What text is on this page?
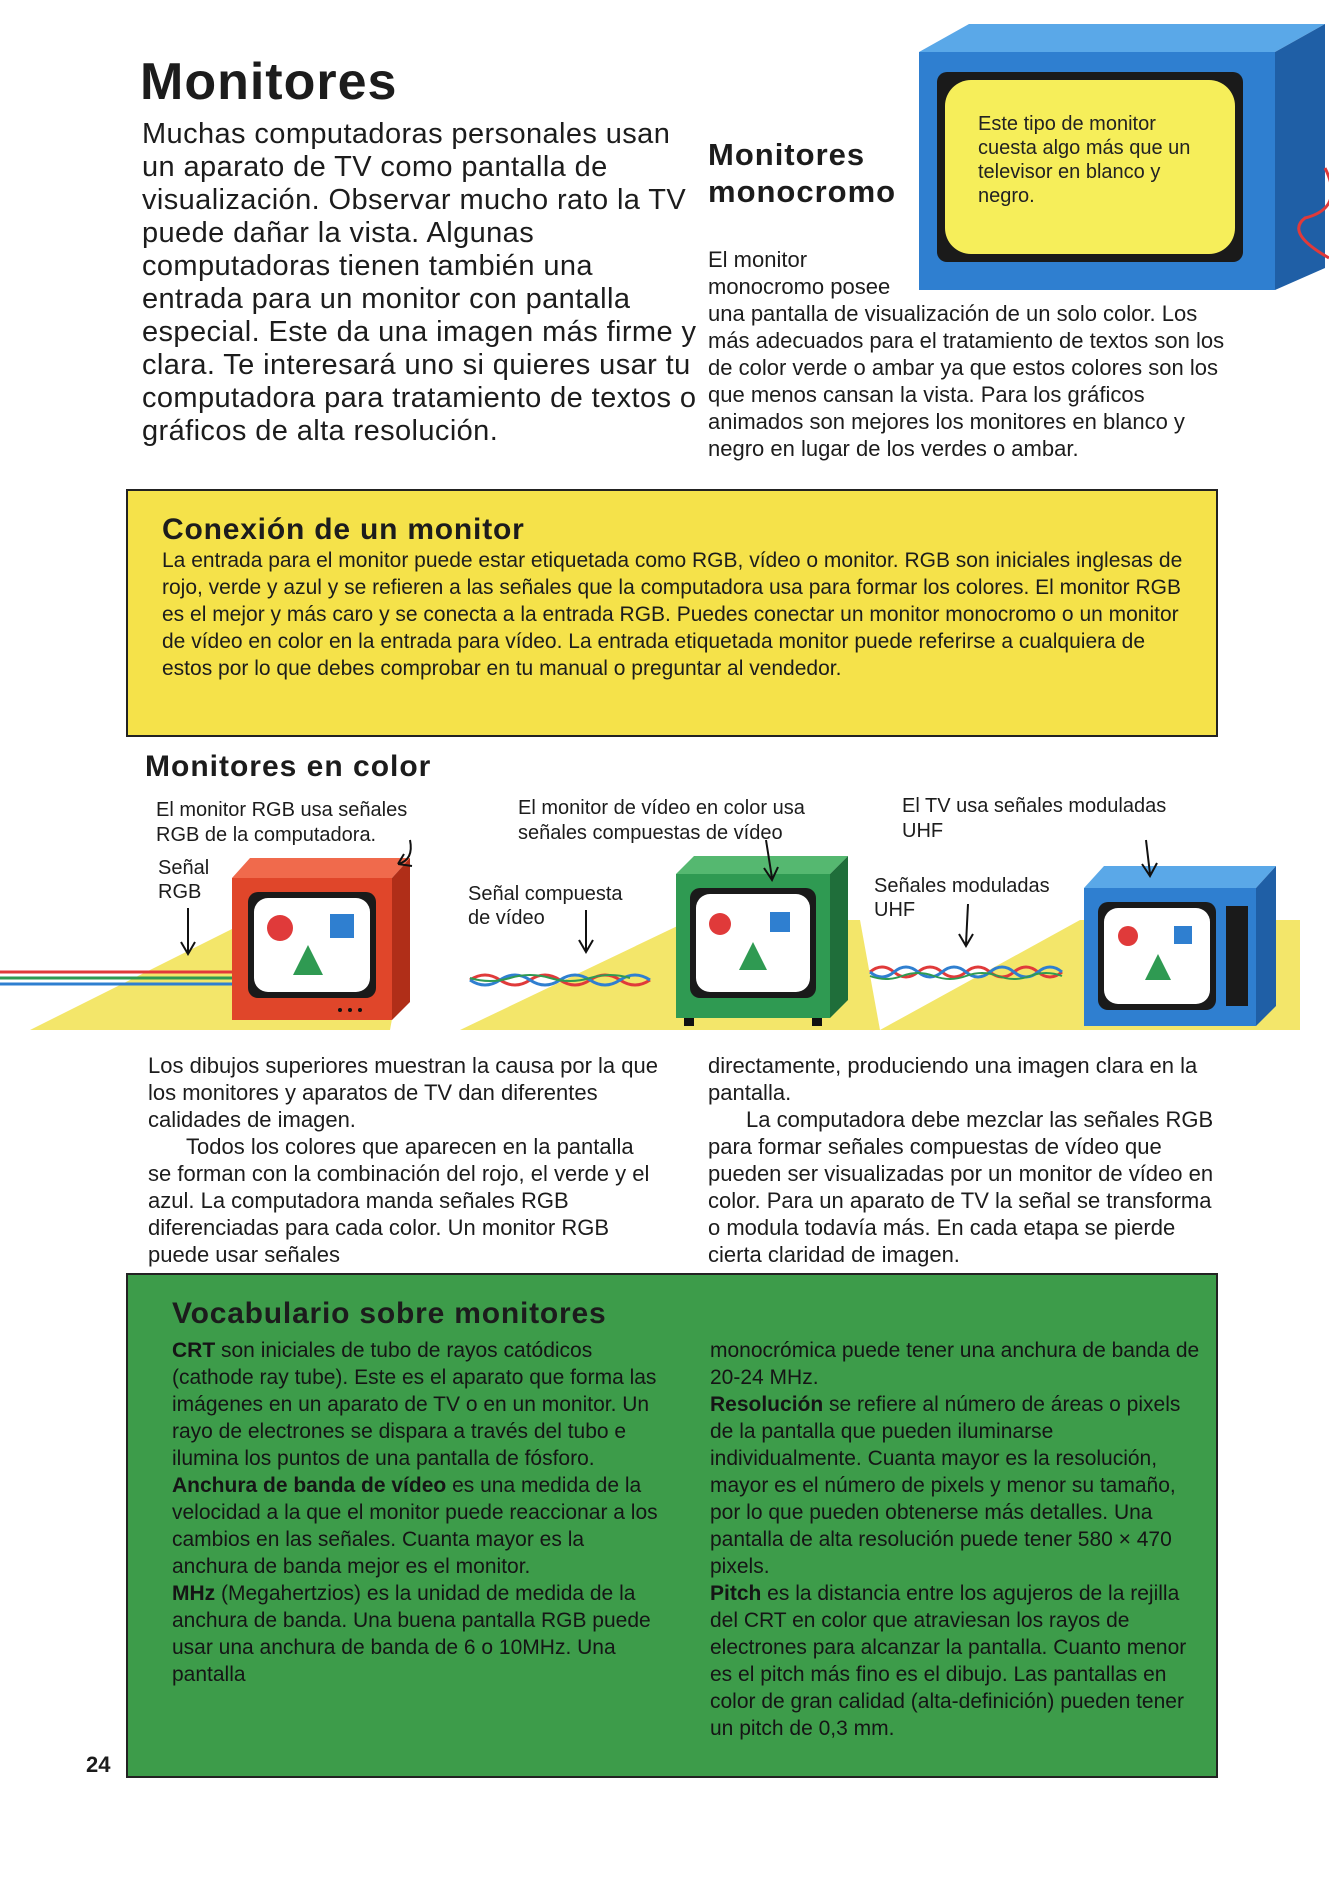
Monitores
Muchas computadoras personales usan un aparato de TV como pantalla de visualización. Observar mucho rato la TV puede dañar la vista. Algunas computadoras tienen también una entrada para un monitor con pantalla especial. Este da una imagen más firme y clara. Te interesará uno si quieres usar tu computadora para tratamiento de textos o gráficos de alta resolución.
Este tipo de monitor cuesta algo más que un televisor en blanco y negro.
Monitores
monocromo
El monitor monocromo posee
una pantalla de visualización de un solo color. Los más adecuados para el tratamiento de textos son los de color verde o ambar ya que estos colores son los que menos cansan la vista. Para los gráficos animados son mejores los monitores en blanco y negro en lugar de los verdes o ambar.
Conexión de un monitor

La entrada para el monitor puede estar etiquetada como RGB, vídeo o monitor. RGB son iniciales inglesas de rojo, verde y azul y se refieren a las señales que la computadora usa para formar los colores. El monitor RGB es el mejor y más caro y se conecta a la entrada RGB. Puedes conectar un monitor monocromo o un monitor de vídeo en color en la entrada para vídeo. La entrada etiquetada monitor puede referirse a cualquiera de estos por lo que debes comprobar en tu manual o preguntar al vendedor.

Monitores en color
El monitor RGB usa señales RGB de la computadora.
El monitor de vídeo en color usa señales compuestas de vídeo
El TV usa señales moduladas UHF
Señal
RGB	Señal compuesta
de vídeo
Señales moduladas
UHF
Los dibujos superiores muestran la causa por la que los monitores y aparatos de TV dan diferentes calidades de imagen.
Todos los colores que aparecen en la pantalla se forman con la combinación del rojo, el verde y el azul. La computadora manda señales RGB diferenciadas para cada color. Un monitor RGB puede usar señales
directamente, produciendo una imagen clara en la pantalla.
La computadora debe mezclar las señales RGB para formar señales compuestas de vídeo que pueden ser visualizadas por un monitor de vídeo en color. Para un aparato de TV la señal se transforma o modula todavía más. En cada etapa se pierde cierta claridad de imagen.
Vocabulario sobre monitores
CRT son iniciales de tubo de rayos catódicos (cathode ray tube). Este es el aparato que forma las imágenes en un aparato de TV o en un monitor. Un rayo de electrones se dispara a través del tubo e ilumina los puntos de una pantalla de fósforo.
Anchura de banda de vídeo es una medida de la velocidad a la que el monitor puede reaccionar a los cambios en las señales. Cuanta mayor es la anchura de banda mejor es el monitor.
MHz (Megahertzios) es la unidad de medida de la anchura de banda. Una buena pantalla RGB puede usar una anchura de banda de 6 o 10MHz. Una pantalla
monocrómica puede tener una anchura de banda de 20-24 MHz.
Resolución se refiere al número de áreas o pixels de la pantalla que pueden iluminarse individualmente. Cuanta mayor es la resolución, mayor es el número de pixels y menor su tamaño, por lo que pueden obtenerse más detalles. Una pantalla de alta resolución puede tener 580 × 470 pixels.
Pitch es la distancia entre los agujeros de la rejilla del CRT en color que atraviesan los rayos de electrones para alcanzar la pantalla. Cuanto menor es el pitch más fino es el dibujo. Las pantallas en color de gran calidad (alta-definición) pueden tener un pitch de 0,3 mm.
24
